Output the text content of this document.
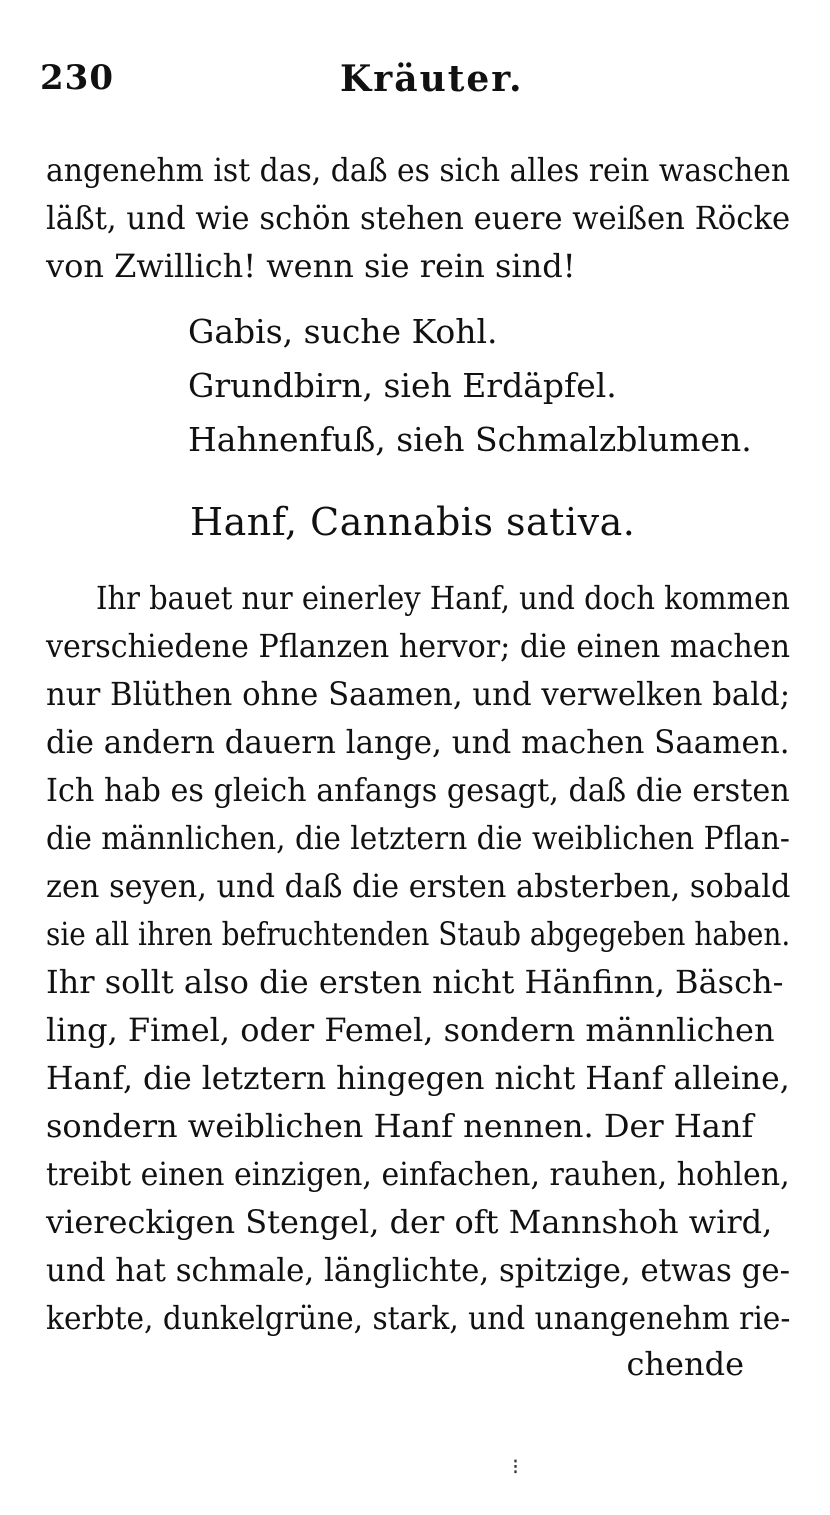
230	Kräuter.
angenehm ist das, daß es sich alles rein waschen
läßt, und wie schön stehen euere weißen Röcke
von Zwillich! wenn sie rein sind!
Gabis, suche Kohl.
Grundbirn, sieh Erdäpfel.
Hahnenfuß, sieh Schmalzblumen.
Hanf, Cannabis sativa.
Ihr bauet nur einerley Hanf, und doch kommen
verschiedene Pflanzen hervor; die einen machen
nur Blüthen ohne Saamen, und verwelken bald;
die andern dauern lange, und machen Saamen.
Ich hab es gleich anfangs gesagt, daß die ersten
die männlichen, die letztern die weiblichen Pflan-
zen seyen, und daß die ersten absterben, sobald
sie all ihren befruchtenden Staub abgegeben haben.
Ihr sollt also die ersten nicht Hänfinn, Bäsch-
ling, Fimel, oder Femel, sondern männlichen
Hanf, die letztern hingegen nicht Hanf alleine,
sondern weiblichen Hanf nennen. Der Hanf
treibt einen einzigen, einfachen, rauhen, hohlen,
viereckigen Stengel, der oft Mannshoh wird,
und hat schmale, länglichte, spitzige, etwas ge-
kerbte, dunkelgrüne, stark, und unangenehm rie-
chende
⁝
